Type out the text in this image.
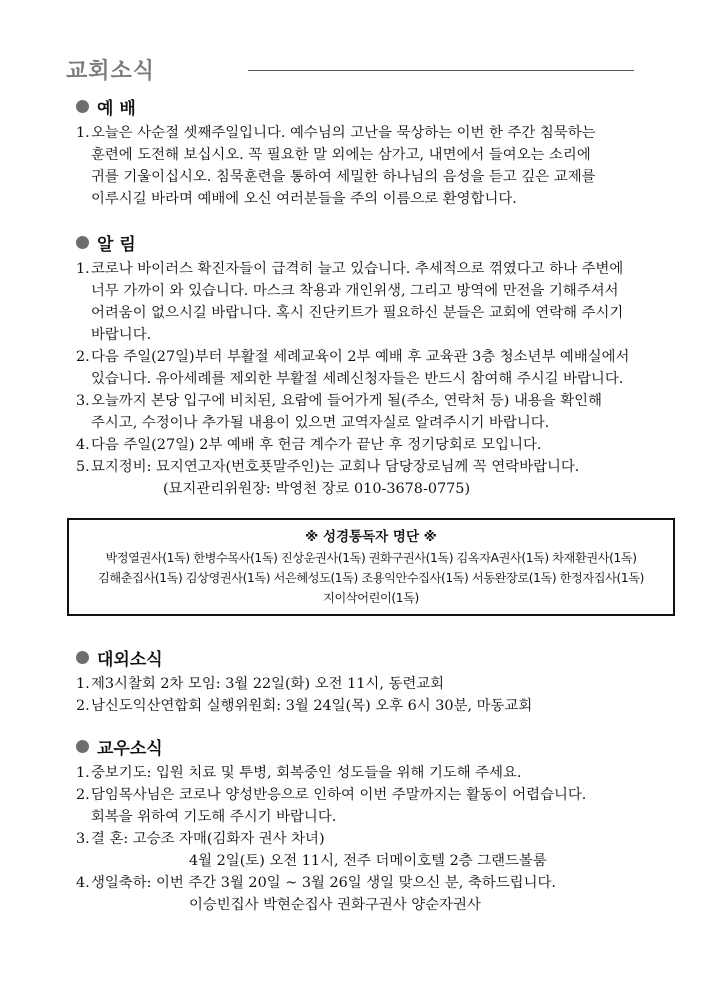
교회소식
예 배
1. 오늘은 사순절 셋째주일입니다. 예수님의 고난을 묵상하는 이번 한 주간 침묵하는
훈련에 도전해 보십시오. 꼭 필요한 말 외에는 삼가고, 내면에서 들여오는 소리에
귀를 기울이십시오. 침묵훈련을 통하여 세밀한 하나님의 음성을 듣고 깊은 교제를
이루시길 바라며 예배에 오신 여러분들을 주의 이름으로 환영합니다.
알 림
1. 코로나 바이러스 확진자들이 급격히 늘고 있습니다. 추세적으로 꺾였다고 하나 주변에
너무 가까이 와 있습니다. 마스크 착용과 개인위생, 그리고 방역에 만전을 기해주셔서
어려움이 없으시길 바랍니다. 혹시 진단키트가 필요하신 분들은 교회에 연락해 주시기
바랍니다.
2. 다음 주일(27일)부터 부활절 세례교육이 2부 예배 후 교육관 3층 청소년부 예배실에서
있습니다. 유아세례를 제외한 부활절 세례신청자들은 반드시 참여해 주시길 바랍니다.
3. 오늘까지 본당 입구에 비치된, 요람에 들어가게 될(주소, 연락처 등) 내용을 확인해
주시고, 수정이나 추가될 내용이 있으면 교역자실로 알려주시기 바랍니다.
4. 다음 주일(27일) 2부 예배 후 헌금 계수가 끝난 후 정기당회로 모입니다.
5. 묘지정비: 묘지연고자(번호푯말주인)는 교회나 담당장로님께 꼭 연락바랍니다.
(묘지관리위원장: 박영천 장로 010-3678-0775)
※ 성경통독자 명단 ※
박정열권사(1독) 한병수목사(1독) 진상운권사(1독) 권화구권사(1독) 김옥자A권사(1독) 차재환권사(1독)
김해춘집사(1독) 김상영권사(1독) 서은혜성도(1독) 조용익안수집사(1독) 서동완장로(1독) 한정자집사(1독)
지이삭어린이(1독)
대외소식
1. 제3시찰회 2차 모임: 3월 22일(화) 오전 11시, 동련교회
2. 남신도익산연합회 실행위원회: 3월 24일(목) 오후 6시 30분, 마동교회
교우소식
1. 중보기도: 입원 치료 및 투병, 회복중인 성도들을 위해 기도해 주세요.
2. 담임목사님은 코로나 양성반응으로 인하여 이번 주말까지는 활동이 어렵습니다.
회복을 위하여 기도해 주시기 바랍니다.
3. 결 혼: 고승조 자매(김화자 권사 차녀)
4월 2일(토) 오전 11시, 전주 더메이호텔 2층 그랜드볼룸
4. 생일축하: 이번 주간 3월 20일 ~ 3월 26일 생일 맞으신 분, 축하드립니다.
이승빈집사 박현순집사 권화구권사 양순자권사
